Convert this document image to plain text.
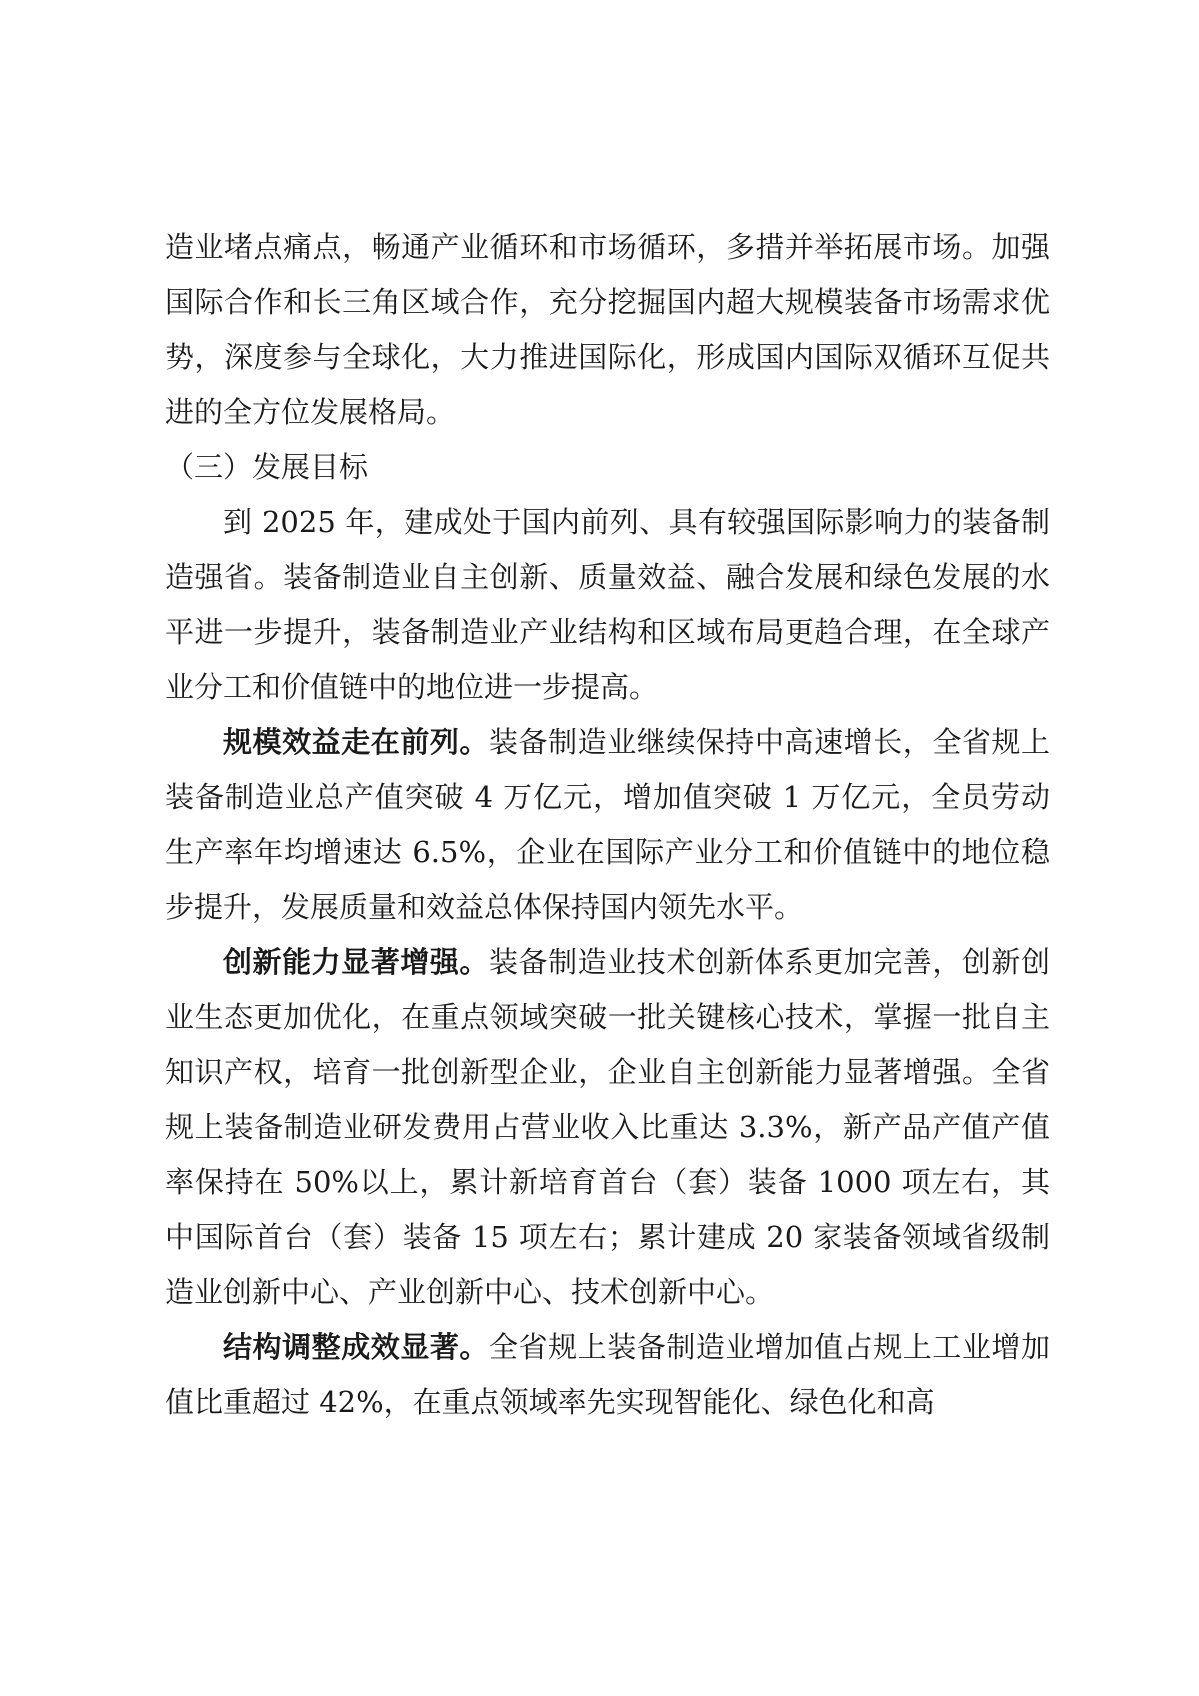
造业堵点痛点，畅通产业循环和市场循环，多措并举拓展市场。加强国际合作和长三角区域合作，充分挖掘国内超大规模装备市场需求优势，深度参与全球化，大力推进国际化，形成国内国际双循环互促共进的全方位发展格局。

（三）发展目标

到 2025 年，建成处于国内前列、具有较强国际影响力的装备制造强省。装备制造业自主创新、质量效益、融合发展和绿色发展的水平进一步提升，装备制造业产业结构和区域布局更趋合理，在全球产业分工和价值链中的地位进一步提高。

规模效益走在前列。装备制造业继续保持中高速增长，全省规上装备制造业总产值突破 4 万亿元，增加值突破 1 万亿元，全员劳动生产率年均增速达 6.5%，企业在国际产业分工和价值链中的地位稳步提升，发展质量和效益总体保持国内领先水平。

创新能力显著增强。装备制造业技术创新体系更加完善，创新创业生态更加优化，在重点领域突破一批关键核心技术，掌握一批自主知识产权，培育一批创新型企业，企业自主创新能力显著增强。全省规上装备制造业研发费用占营业收入比重达 3.3%，新产品产值产值率保持在 50%以上，累计新培育首台（套）装备 1000 项左右，其中国际首台（套）装备 15 项左右；累计建成 20 家装备领域省级制造业创新中心、产业创新中心、技术创新中心。

结构调整成效显著。全省规上装备制造业增加值占规上工业增加值比重超过 42%，在重点领域率先实现智能化、绿色化和高
